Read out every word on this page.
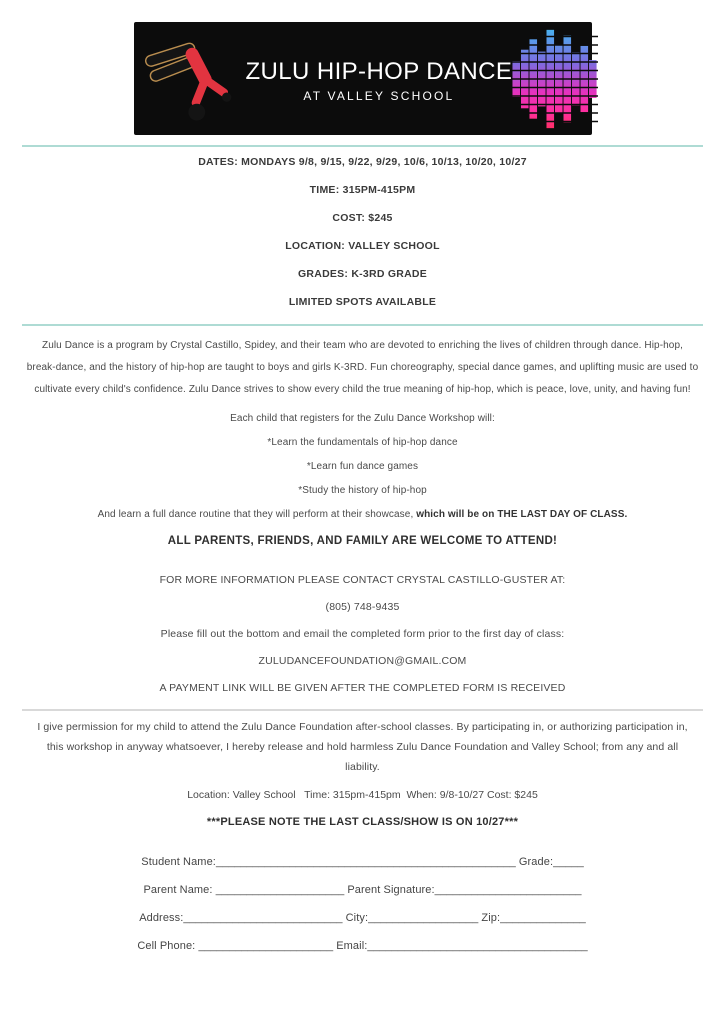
ZULU HIP-HOP DANCE
AT VALLEY SCHOOL

DATES: MONDAYS 9/8, 9/15, 9/22, 9/29, 10/6, 10/13, 10/20, 10/27

TIME: 315PM-415PM

COST: $245

LOCATION: VALLEY SCHOOL

GRADES: K-3RD GRADE

LIMITED SPOTS AVAILABLE

Zulu Dance is a program by Crystal Castillo, Spidey, and their team who are devoted to enriching the lives of children through dance. Hip-hop, break-dance, and the history of hip-hop are taught to boys and girls K-3RD. Fun choreography, special dance games, and uplifting music are used to cultivate every child's confidence. Zulu Dance strives to show every child the true meaning of hip-hop, which is peace, love, unity, and having fun!

Each child that registers for the Zulu Dance Workshop will:

*Learn the fundamentals of hip-hop dance

*Learn fun dance games

*Study the history of hip-hop

And learn a full dance routine that they will perform at their showcase, which will be on THE LAST DAY OF CLASS.

ALL PARENTS, FRIENDS, AND FAMILY ARE WELCOME TO ATTEND!

FOR MORE INFORMATION PLEASE CONTACT CRYSTAL CASTILLO-GUSTER AT:

(805) 748-9435

Please fill out the bottom and email the completed form prior to the first day of class:

ZULUDANCEFOUNDATION@GMAIL.COM

A PAYMENT LINK WILL BE GIVEN AFTER THE COMPLETED FORM IS RECEIVED

I give permission for my child to attend the Zulu Dance Foundation after-school classes. By participating in, or authorizing participation in, this workshop in anyway whatsoever, I hereby release and hold harmless Zulu Dance Foundation and Valley School; from any and all liability.

Location: Valley School   Time: 315pm-415pm  When: 9/8-10/27 Cost: $245

***PLEASE NOTE THE LAST CLASS/SHOW IS ON 10/27***

Student Name:_________________________________________________ Grade:_____

Parent Name: _____________________ Parent Signature:________________________

Address:__________________________ City:__________________ Zip:______________

Cell Phone: ______________________ Email:____________________________________
